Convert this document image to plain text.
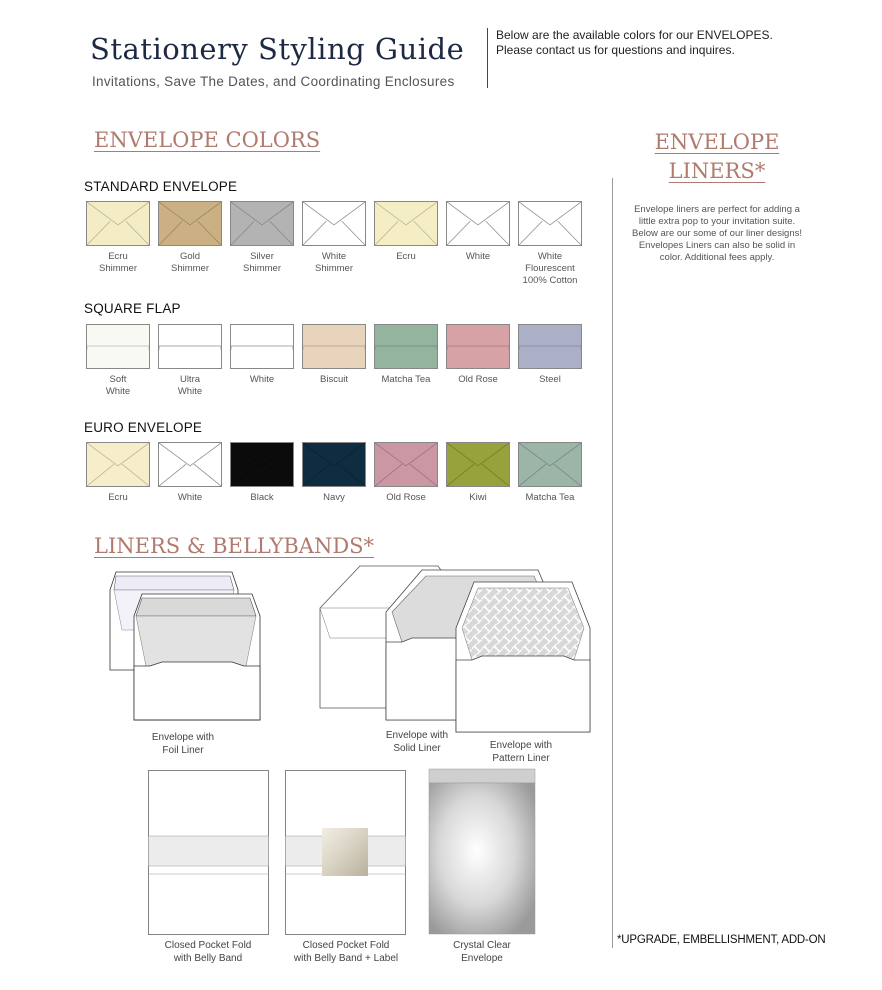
Stationery Styling Guide
Invitations, Save The Dates, and Coordinating Enclosures
Below are the available colors for our ENVELOPES. Please contact us for questions and inquires.
ENVELOPE COLORS
STANDARD ENVELOPE
Ecru
Shimmer
Gold
Shimmer
Silver
Shimmer
White
Shimmer
Ecru	White	White
Flourescent
100% Cotton
SQUARE FLAP
Soft
White
Ultra
White
White	Biscuit	Matcha Tea	Old Rose	Steel
EURO ENVELOPE
Ecru	White	Black	Navy	Old Rose	Kiwi	Matcha Tea
LINERS & BELLYBANDS*
Envelope with
Foil Liner
Envelope with
Solid Liner	Envelope with
Pattern Liner
Closed Pocket Fold
with Belly Band
Closed Pocket Fold
with Belly Band + Label
Crystal Clear
Envelope
ENVELOPE
LINERS*
Envelope liners are perfect for adding a little extra pop to your invitation suite. Below are our some of our liner designs! Envelopes Liners can also be solid in color. Additional fees apply.
*UPGRADE, EMBELLISHMENT, ADD-ON
